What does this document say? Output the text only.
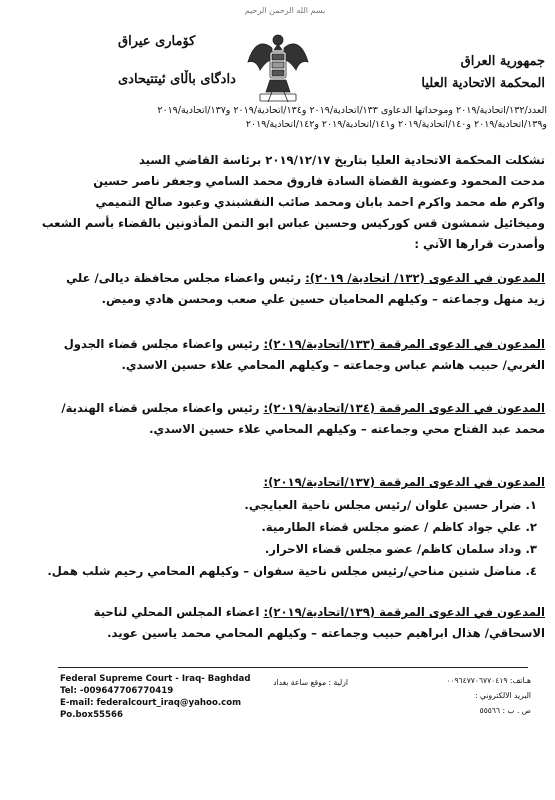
بسم الله الرحمن الرحيم
جمهورية العراق
المحكمة الاتحادية العليا
كۆماری عیراق
دادگای باڵای ئیتتیحادی
العدد/١٣٢/اتحادية/٢٠١٩ وموحداتها الدعاوى ١٣٣/اتحادية/٢٠١٩ و١٣٤/اتحادية/٢٠١٩ و١٣٧/اتحادية/٢٠١٩
و١٣٩/اتحادية/٢٠١٩ و١٤٠/اتحادية/٢٠١٩ و١٤١/اتحادية/٢٠١٩ و١٤٢/اتحادية/٢٠١٩
تشكلت المحكمة الاتحادية العليا بتاريخ ٢٠١٩/١٢/١٧ برئاسة القاضي السيد
مدحت المحمود وعضوية القضاة السادة فاروق محمد السامي وجعفر ناصر حسين
واكرم طه محمد واكرم احمد بابان ومحمد صائب النقشبندي وعبود صالح التميمي
وميخائيل شمشون قس كوركيس وحسين عباس ابو التمن المأذونين بالقضاء بأسم الشعب
وأصدرت قرارها الآتي :
المدعون في الدعوى (١٣٢/ اتحادية/ ٢٠١٩): رئيس واعضاء مجلس محافظة ديالى/ علي
زيد منهل وجماعته – وكيلهم المحاميان حسين علي صعب ومحسن هادي وميض.
المدعون في الدعوى المرقمة (١٣٣/اتحادية/٢٠١٩): رئيس واعضاء مجلس قضاء الجدول
الغربي/ حبيب هاشم عباس وجماعته – وكيلهم المحامي علاء حسين الاسدي.
المدعون في الدعوى المرقمة (١٣٤/اتحادية/٢٠١٩): رئيس واعضاء مجلس قضاء الهندية/
محمد عبد الفتاح محي وجماعته – وكيلهم المحامي علاء حسين الاسدي.
المدعون في الدعوى المرقمة (١٣٧/اتحادية/٢٠١٩):
١. ضرار حسين علوان /رئيس مجلس ناحية العبايجي.
٢. علي جواد كاظم / عضو مجلس قضاء الطارمية.
٣. وداد سلمان كاظم/ عضو مجلس قضاء الاحرار.
٤. مناضل شنين مناحي/رئيس مجلس ناحية سفوان – وكيلهم المحامي رحيم شلب همل.
المدعون في الدعوى المرقمة (١٣٩/اتحادية/٢٠١٩): اعضاء المجلس المحلي لناحية
الاسحاقي/ هذال ابراهيم حبيب وجماعته – وكيلهم المحامي محمد ياسين عويد.
Federal Supreme Court - Iraq- Baghdad
Tel: -009647706770419
E-mail: federalcourt_iraq@yahoo.com
Po.box55566
ارلية : موقع ساعة بغداد	هـاتف: ٠٠٩٦٤٧٧٠٦٧٧٠٤١٩
البريد الالكتروني :
ص . ب : ٥٥٥٦٦
